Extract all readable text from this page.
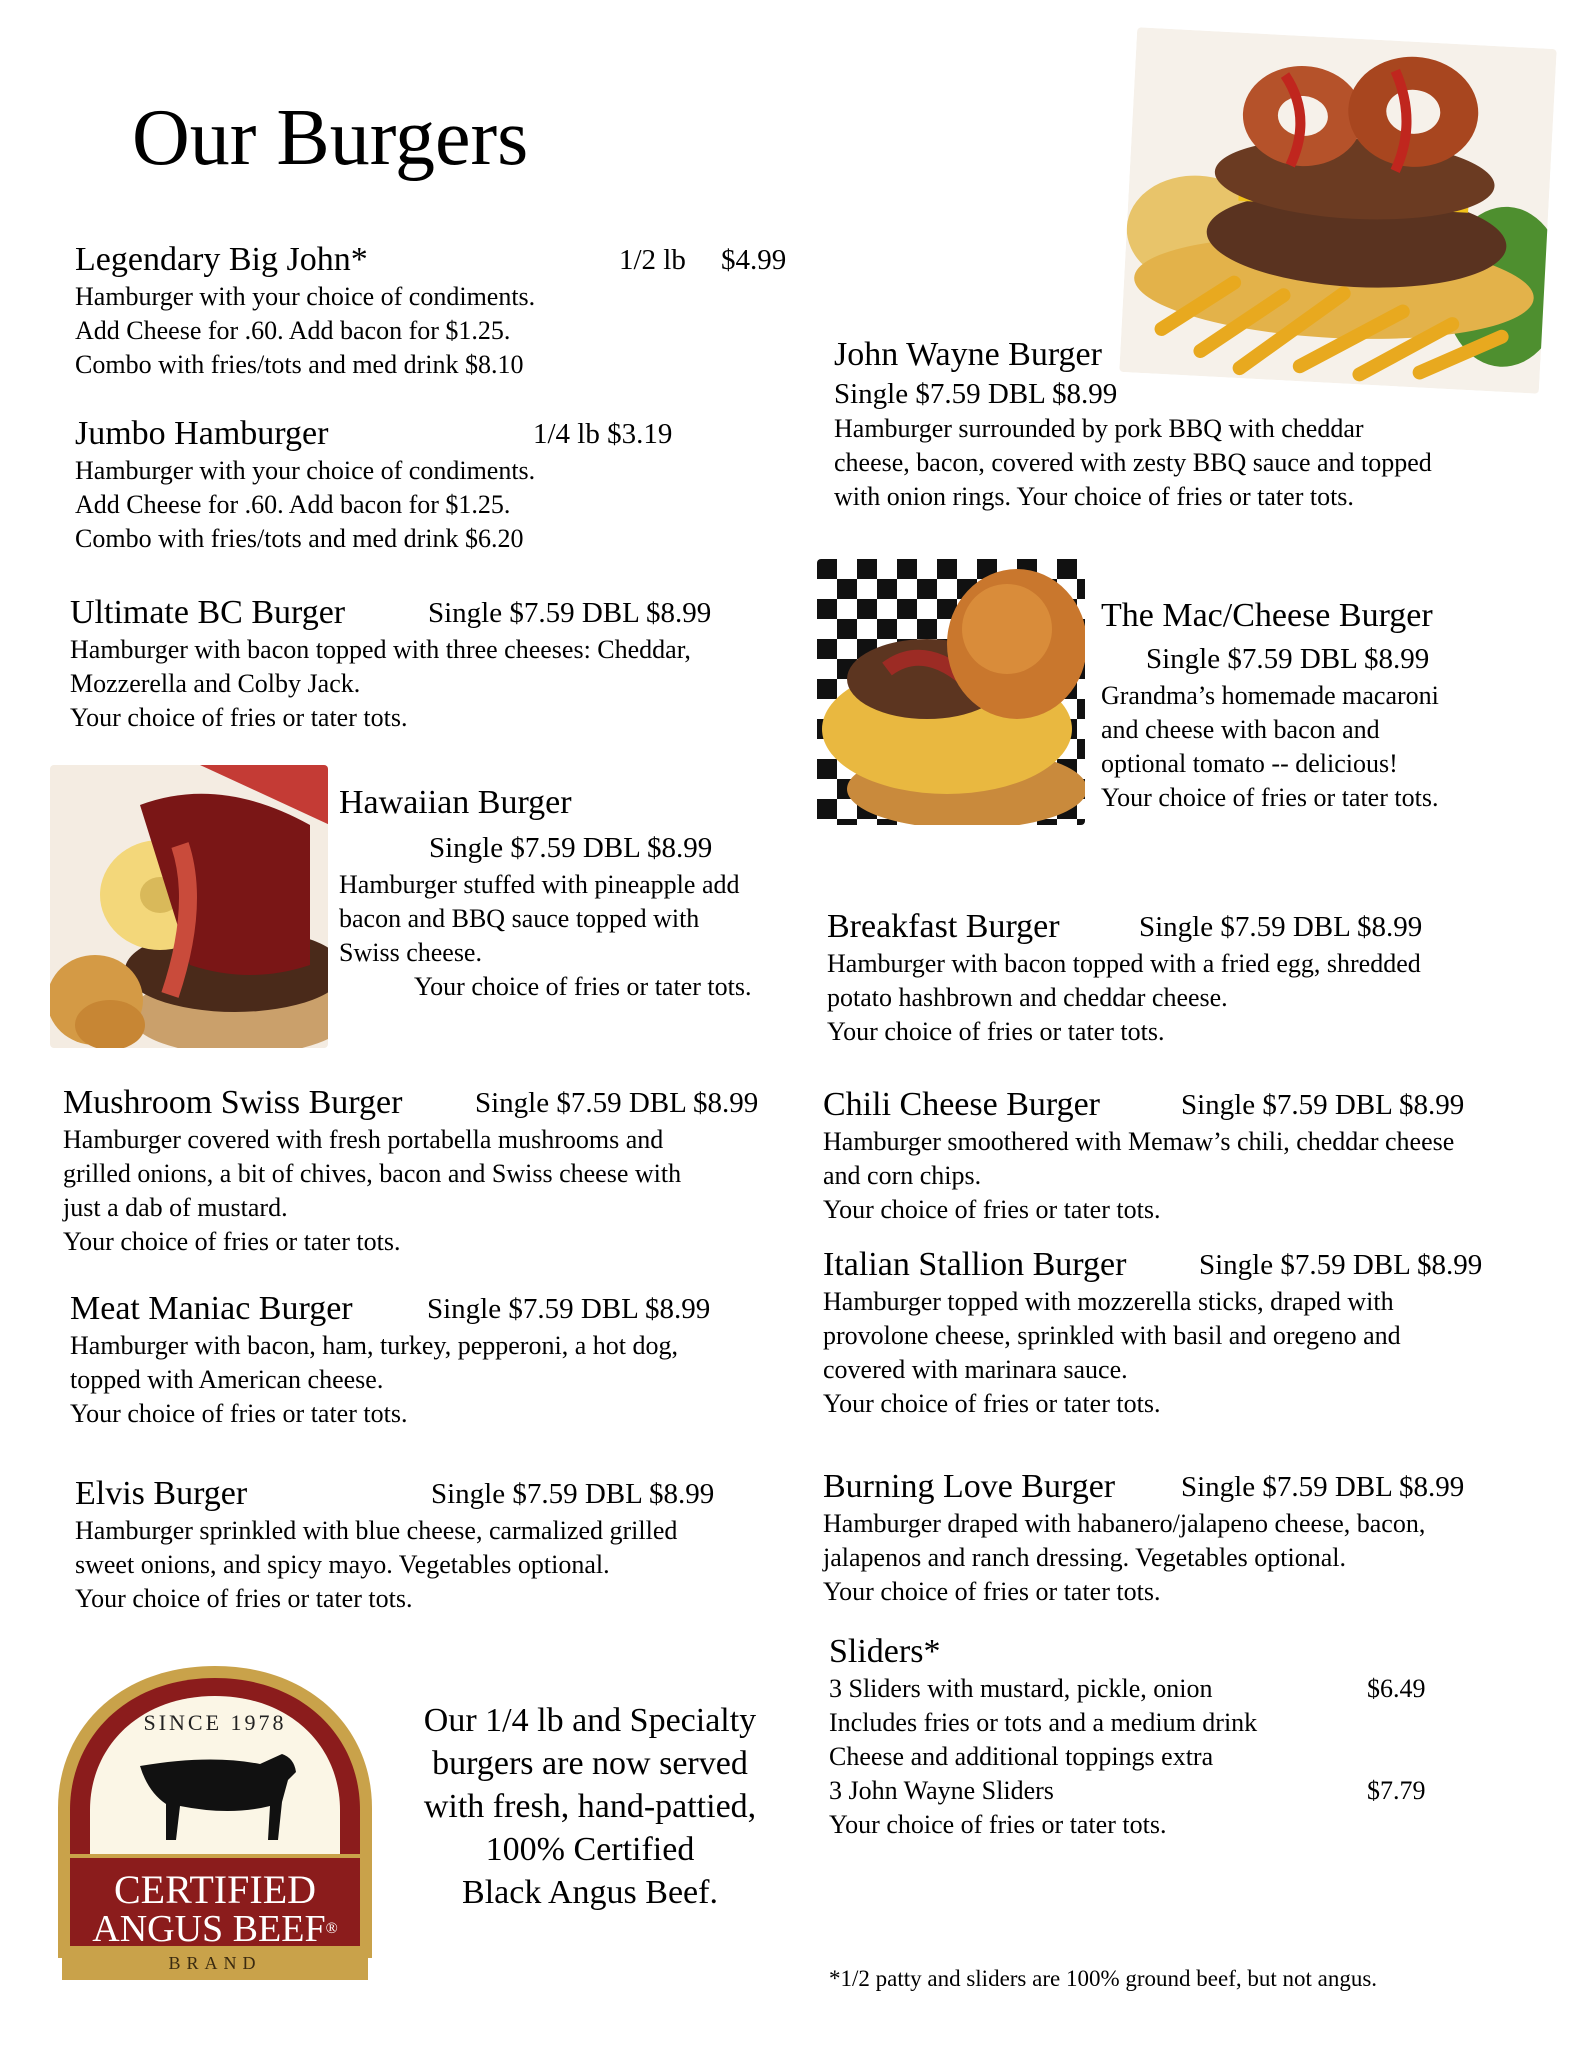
Our Burgers
Legendary Big John*	1/2 lb $4.99
Hamburger with your choice of condiments.
Add Cheese for .60. Add bacon for $1.25.
Combo with fries/tots and med drink $8.10
Jumbo Hamburger	1/4 lb $3.19
Hamburger with your choice of condiments.
Add Cheese for .60. Add bacon for $1.25.
Combo with fries/tots and med drink $6.20
Ultimate BC Burger	Single $7.59 DBL $8.99
Hamburger with bacon topped with three cheeses: Cheddar,
Mozzerella and Colby Jack.
Your choice of fries or tater tots.
Hawaiian Burger
Single $7.59 DBL $8.99
Hamburger stuffed with pineapple add
bacon and BBQ sauce topped with
Swiss cheese.
Your choice of fries or tater tots.
John Wayne Burger
Single $7.59 DBL $8.99
Hamburger surrounded by pork BBQ with cheddar
cheese, bacon, covered with zesty BBQ sauce and topped
with onion rings. Your choice of fries or tater tots.
The Mac/Cheese Burger
Single $7.59 DBL $8.99
Grandma’s homemade macaroni
and cheese with bacon and
optional tomato -- delicious!
Your choice of fries or tater tots.
Breakfast Burger	Single $7.59 DBL $8.99
Hamburger with bacon topped with a fried egg, shredded
potato hashbrown and cheddar cheese.
Your choice of fries or tater tots.
Mushroom Swiss Burger	Single $7.59 DBL $8.99
Hamburger covered with fresh portabella mushrooms and
grilled onions, a bit of chives, bacon and Swiss cheese with
just a dab of mustard.
Your choice of fries or tater tots.
Chili Cheese Burger	Single $7.59 DBL $8.99
Hamburger smoothered with Memaw’s chili, cheddar cheese
and corn chips.
Your choice of fries or tater tots.
Italian Stallion Burger	Single $7.59 DBL $8.99
Hamburger topped with mozzerella sticks, draped with
provolone cheese, sprinkled with basil and oregeno and
covered with marinara sauce.
Your choice of fries or tater tots.
Meat Maniac Burger	Single $7.59 DBL $8.99
Hamburger with bacon, ham, turkey, pepperoni, a hot dog,
topped with American cheese.
Your choice of fries or tater tots.
Elvis Burger	Single $7.59 DBL $8.99
Hamburger sprinkled with blue cheese, carmalized grilled
sweet onions, and spicy mayo. Vegetables optional.
Your choice of fries or tater tots.
Burning Love Burger Single $7.59 DBL $8.99
Hamburger draped with habanero/jalapeno cheese, bacon,
jalapenos and ranch dressing. Vegetables optional.
Your choice of fries or tater tots.
Sliders*
3 Sliders with mustard, pickle, onion	$6.49
Includes fries or tots and a medium drink
Cheese and additional toppings extra
3 John Wayne Sliders	$7.79
Your choice of fries or tater tots.
SINCE 1978
CERTIFIED
ANGUS BEEF®
BRAND
Our 1/4 lb and Specialty
burgers are now served
with fresh, hand-pattied,
100% Certified
Black Angus Beef.
*1/2 patty and sliders are 100% ground beef, but not angus.
